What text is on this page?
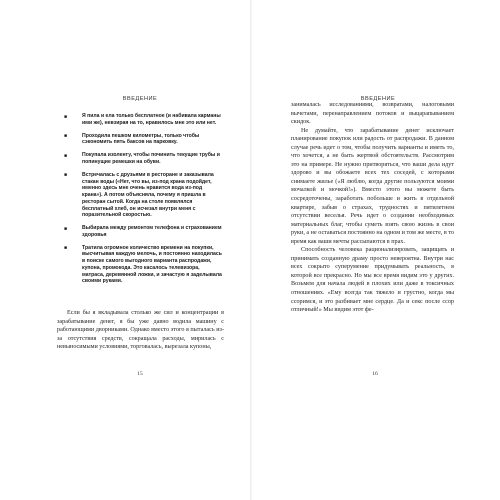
ВВЕДЕНИЕ
■	Я пила и ела только бесплатное (и набивала карманы ими же), невзирая на то, нравилось мне это или нет.
■	Проходила пешком километры, только чтобы сэкономить пять баксов на парковку.
■	Покупала изоленту, чтобы починить текущие трубы и попинущие ремешки на обуви.
■	Встречалась с друзьями в ресторане и заказывала стакан воды («Нет, что вы, из-под крана подойдет, именно здесь мне очень нравится вода из-под крана»). А потом объясняла, почему я пришла в ресторан сытой. Когда на столе появлялся бесплатный хлеб, он исчезал внутри меня с поразительной скоростью.
■	Выбирала между ремонтом телефона и страхованием здоровья
■	Тратила огромное количество времени на покупки, высчитывая каждую мелочь, и постоянно находилась в поиске самого выгодного варианта распродажи, купона, промокода. Это касалось телевизора, матраса, деревянной ложки, и зачастую я заделывала своими руками.

Если бы я вкладывала столько же сил и концентрации в зарабатывание денег, я бы уже давно водила машину с работающими дворниками. Однако вместо этого я пыталась из-за отсутствия средств, сокращала расходы, мирилась с невыносимыми условиями, торговалась, вырезала купоны,

15
ВВЕДЕНИЕ

занималась исследованиями, возвратами, налоговыми вычетами, перенаправлением потоков и выцарапыванием скидок.

Не думайте, что зарабатывание денег исключает планирование покупок или радость от распродажи. В данном случае речь идет о том, чтобы получить варианты и иметь то, что хочется, а не быть жертвой обстоятельств. Рассмотрим это на примере. Не нужно притворяться, что ваши дела идут здорово и вы обожаете всех тех соседей, с которыми снимаете жилье («Я люблю, когда другие пользуются моими мочалкой и мочкой!»). Вместо этого вы можете быть сосредоточены, заработать побольше и жить в отдельной квартире, забыв о страхах, трудностях и пятилетнем отсутствии веселья. Речь идет о создании необходимых материальных благ, чтобы суметь взять свою жизнь в свои руки, а не оставаться постоянно на одном и том же месте, в то время как ваши мечты рассыпаются в прах.

Способность человека рационализировать, защищать и принимать созданную драму просто невероятна. Внутри нас всех сокрыто суперумение придумывать реальность, в которой все прекрасно. Но мы все время видим это у других. Возьмем для начала людей в плохих или даже в токсичных отношениях. «Ему всегда так тяжело и грустно, когда мы ссоримся, и это разбивает мне сердце. Да и секс после ссор отличный!» Мы видим этот фе-

16
